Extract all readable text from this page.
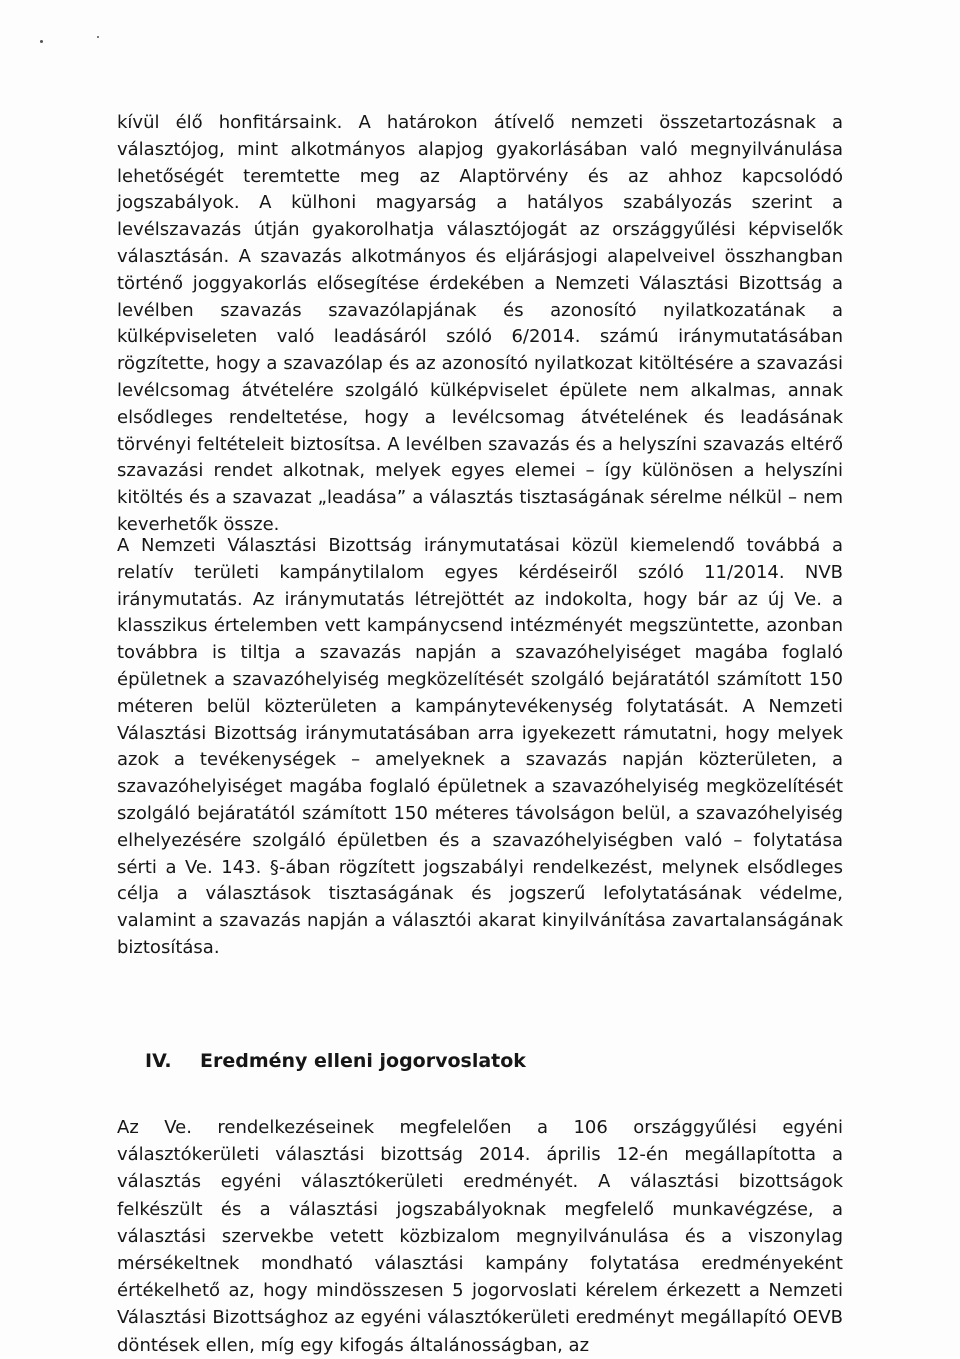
kívül élő honfitársaink. A határokon átívelő nemzeti összetartozásnak a választójog, mint alkotmányos alapjog gyakorlásában való megnyilvánulása lehetőségét teremtette meg az Alaptörvény és az ahhoz kapcsolódó jogszabályok. A külhoni magyarság a hatályos szabályozás szerint a levélszavazás útján gyakorolhatja választójogát az országgyűlési képviselők választásán. A szavazás alkotmányos és eljárásjogi alapelveivel összhangban történő joggyakorlás elősegítése érdekében a Nemzeti Választási Bizottság a levélben szavazás szavazólapjának és azonosító nyilatkozatának a külképviseleten való leadásáról szóló 6/2014. számú iránymutatásában rögzítette, hogy a szavazólap és az azonosító nyilatkozat kitöltésére a szavazási levélcsomag átvételére szolgáló külképviselet épülete nem alkalmas, annak elsődleges rendeltetése, hogy a levélcsomag átvételének és leadásának törvényi feltételeit biztosítsa. A levélben szavazás és a helyszíni szavazás eltérő szavazási rendet alkotnak, melyek egyes elemei – így különösen a helyszíni kitöltés és a szavazat „leadása” a választás tisztaságának sérelme nélkül – nem keverhetők össze.

A Nemzeti Választási Bizottság iránymutatásai közül kiemelendő továbbá a relatív területi kampánytilalom egyes kérdéseiről szóló 11/2014. NVB iránymutatás. Az iránymutatás létrejöttét az indokolta, hogy bár az új Ve. a klasszikus értelemben vett kampánycsend intézményét megszüntette, azonban továbbra is tiltja a szavazás napján a szavazóhelyiséget magába foglaló épületnek a szavazóhelyiség megközelítését szolgáló bejáratától számított 150 méteren belül közterületen a kampánytevékenység folytatását. A Nemzeti Választási Bizottság iránymutatásában arra igyekezett rámutatni, hogy melyek azok a tevékenységek – amelyeknek a szavazás napján közterületen, a szavazóhelyiséget magába foglaló épületnek a szavazóhelyiség megközelítését szolgáló bejáratától számított 150 méteres távolságon belül, a szavazóhelyiség elhelyezésére szolgáló épületben és a szavazóhelyiségben való – folytatása sérti a Ve. 143. §-ában rögzített jogszabályi rendelkezést, melynek elsődleges célja a választások tisztaságának és jogszerű lefolytatásának védelme, valamint a szavazás napján a választói akarat kinyilvánítása zavartalanságának biztosítása.

IV.	Eredmény elleni jogorvoslatok

Az Ve. rendelkezéseinek megfelelően a 106 országgyűlési egyéni választókerületi választási bizottság 2014. április 12-én megállapította a választás egyéni választókerületi eredményét. A választási bizottságok felkészült és a választási jogszabályoknak megfelelő munkavégzése, a választási szervekbe vetett közbizalom megnyilvánulása és a viszonylag mérsékeltnek mondható választási kampány folytatása eredményeként értékelhető az, hogy mindösszesen 5 jogorvoslati kérelem érkezett a Nemzeti Választási Bizottsághoz az egyéni választókerületi eredményt megállapító OEVB döntések ellen, míg egy kifogás általánosságban, az
